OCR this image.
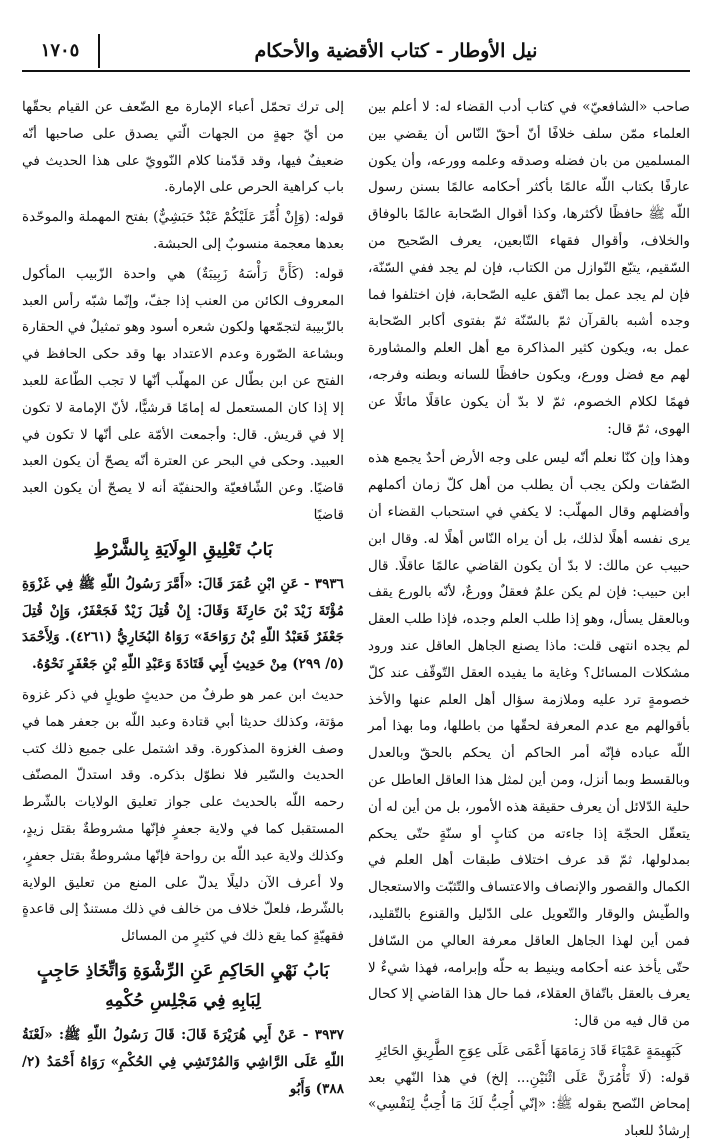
١٧٠٥	نيل الأوطار - كتاب الأقضية والأحكام

صاحب «الشافعيّ» في كتاب أدب القضاء له: لا أعلم بين العلماء ممّن سلف خلافًا أنّ أحقّ النّاس أن يقضي بين المسلمين من بان فضله وصدقه وعلمه وورعه، وأن يكون عارفًا بكتاب اللّه عالمًا بأكثر أحكامه عالمًا بسنن رسول اللّه ﷺ حافظًا لأكثرها، وكذا أقوال الصّحابة عالمًا بالوفاق والخلاف، وأقوال فقهاء التّابعين، يعرف الصّحيح من السّقيم، يتبّع النّوازل من الكتاب، فإن لم يجد ففي السّنّة، فإن لم يجد عمل بما اتّفق عليه الصّحابة، فإن اختلفوا فما وجده أشبه بالقرآن ثمّ بالسّنّة ثمّ بفتوى أكابر الصّحابة عمل به، ويكون كثير المذاكرة مع أهل العلم والمشاورة لهم مع فضل وورع، ويكون حافظًا للسانه وبطنه وفرجه، فهمًا لكلام الخصوم، ثمّ لا بدّ أن يكون عاقلًا مائلًا عن الهوى، ثمّ قال:

وهذا وإن كنّا نعلم أنّه ليس على وجه الأرض أحدٌ يجمع هذه الصّفات ولكن يجب أن يطلب من أهل كلّ زمان أكملهم وأفضلهم وقال المهلّب: لا يكفي في استحباب القضاء أن يرى نفسه أهلًا لذلك، بل أن يراه النّاس أهلًا له. وقال ابن حبيب عن مالك: لا بدّ أن يكون القاضي عالمًا عاقلًا. قال ابن حبيب: فإن لم يكن علمٌ فعقلٌ وورعٌ، لأنّه بالورع يقف وبالعقل يسأل، وهو إذا طلب العلم وجده، فإذا طلب العقل لم يجده انتهى قلت: ماذا يصنع الجاهل العاقل عند ورود مشكلات المسائل؟ وغاية ما يفيده العقل التّوقّف عند كلّ خصومةٍ ترد عليه وملازمة سؤال أهل العلم عنها والأخذ بأقوالهم مع عدم المعرفة لحقّها من باطلها، وما بهذا أمر اللّه عباده فإنّه أمر الحاكم أن يحكم بالحقّ وبالعدل وبالقسط وبما أنزل، ومن أين لمثل هذا العاقل العاطل عن حلية الدّلائل أن يعرف حقيقة هذه الأمور، بل من أين له أن يتعقّل الحجّة إذا جاءته من كتابٍ أو سنّةٍ حتّى يحكم بمدلولها، ثمّ قد عرف اختلاف طبقات أهل العلم في الكمال والقصور والإنصاف والاعتساف والتّثبّت والاستعجال والطّيش والوقار والتّعويل على الدّليل والقنوع بالتّقليد، فمن أين لهذا الجاهل العاقل معرفة العالي من السّافل حتّى يأخذ عنه أحكامه وينيط به حلّه وإبرامه، فهذا شيءٌ لا يعرف بالعقل باتّفاق العقلاء، فما حال هذا القاضي إلا كحال من قال فيه من قال:

كَبَهِيمَةٍ عَمْيَاءَ قَادَ زِمَامَهَا أَعْمَى عَلَى عِوَجِ الطَّرِيقِ الحَائِرِ

قوله: (لَا تَأْمُرَنَّ عَلَى اثْنَيْنِ... إلخ) في هذا النّهي بعد إمحاض النّصح بقوله ﷺ: «إنّي أُحِبُّ لَكَ مَا أُحِبُّ لِنَفْسِي» إرشادٌ للعباد

إلى ترك تحمّل أعباء الإمارة مع الضّعف عن القيام بحقّها من أيّ جهةٍ من الجهات الّتي يصدق على صاحبها أنّه ضعيفٌ فيها، وقد قدّمنا كلام النّوويّ على هذا الحديث في باب كراهية الحرص على الإمارة.

قوله: (وَإِنْ أُمِّرَ عَلَيْكُمْ عَبْدٌ حَبَشِيٌّ) بفتح المهملة والموحّدة بعدها معجمة منسوبٌ إلى الحبشة.

قوله: (كَأَنَّ رَأْسَهُ زَبِيبَةٌ) هي واحدة الزّبيب المأكول المعروف الكائن من العنب إذا جفّ، وإنّما شبّه رأس العبد بالزّبيبة لتجمّعها ولكون شعره أسود وهو تمثيلٌ في الحقارة وبشاعة الصّورة وعدم الاعتداد بها وقد حكى الحافظ في الفتح عن ابن بطّال عن المهلّب أنّها لا تجب الطّاعة للعبد إلا إذا كان المستعمل له إمامًا قرشيًّا، لأنّ الإمامة لا تكون إلا في قريش. قال: وأجمعت الأمّة على أنّها لا تكون في العبيد. وحكى في البحر عن العترة أنّه يصحّ أن يكون العبد قاضيًا. وعن الشّافعيّة والحنفيّة أنه لا يصحّ أن يكون العبد قاضيًا

بَابُ تَعْلِيقِ الوِلَايَةِ بِالشَّرْطِ

٣٩٣٦ - عَنِ ابْنِ عُمَرَ قَالَ: «أَمَّرَ رَسُولُ اللّهِ ﷺ فِي غَزْوَةِ مُؤْتَةَ زَيْدَ بْنَ حَارِثَةَ وَقَالَ: إِنْ قُتِلَ زَيْدٌ فَجَعْفَرٌ، وَإِنْ قُتِلَ جَعْفَرٌ فَعَبْدُ اللّهِ بْنُ رَوَاحَةَ» رَوَاهُ البُخَارِيُّ (٤٢٦١). وَلِأَحْمَدَ (٥/ ٢٩٩) مِنْ حَدِيثِ أَبِي قَتَادَةَ وَعَبْدِ اللّهِ بْنِ جَعْفَرٍ نَحْوُهُ.

حديث ابن عمر هو طرفٌ من حديثٍ طويلٍ في ذكر غزوة مؤتة، وكذلك حديثا أبي قتادة وعبد اللّه بن جعفر هما في وصف الغزوة المذكورة. وقد اشتمل على جميع ذلك كتب الحديث والسّير فلا نطوّل بذكره. وقد استدلّ المصنّف رحمه اللّه بالحديث على جواز تعليق الولايات بالشّرط المستقبل كما في ولاية جعفرٍ فإنّها مشروطةٌ بقتل زيدٍ، وكذلك ولاية عبد اللّه بن رواحة فإنّها مشروطةٌ بقتل جعفرٍ، ولا أعرف الآن دليلًا يدلّ على المنع من تعليق الولاية بالشّرط، فلعلّ خلاف من خالف في ذلك مستندٌ إلى قاعدةٍ فقهيّةٍ كما يقع ذلك في كثيرٍ من المسائل

بَابُ نَهْيِ الحَاكِمِ عَنِ الرِّشْوَةِ وَاتِّخَاذِ حَاجِبٍ لِبَابِهِ فِي مَجْلِسِ حُكْمِهِ

٣٩٣٧ - عَنْ أَبِي هُرَيْرَةَ قَالَ: قَالَ رَسُولُ اللّهِ ﷺ: «لَعْنَةُ اللّهِ عَلَى الرَّاشِي وَالمُرْتَشِي فِي الحُكْمِ» رَوَاهُ أَحْمَدُ (٢/ ٣٨٨) وَأَبُو
